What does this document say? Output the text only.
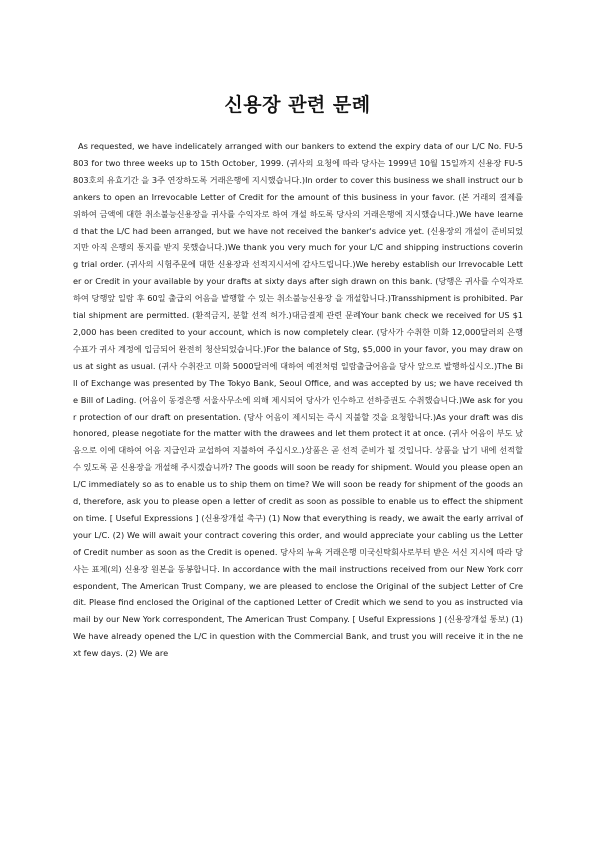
신용장 관련 문례

As requested, we have indelicately arranged with our bankers to extend the expiry data of our L/C No. FU-5803 for two three weeks up to 15th October, 1999. (귀사의 요청에 따라 당사는 1999년 10월 15일까지 신용장 FU-5803호의 유효기간 을 3주 연장하도록 거래은행에 지시했습니다.)In order to cover this business we shall instruct our bankers to open an Irrevocable Letter of Credit for the amount of this business in your favor. (본 거래의 결제를 위하여 금액에 대한 취소불능신용장을 귀사를 수익자로 하여 개설 하도록 당사의 거래은행에 지시했습니다.)We have learned that the L/C had been arranged, but we have not received the banker's advice yet. (신용장의 개설이 준비되었지만 아직 은행의 통지를 받지 못했습니다.)We thank you very much for your L/C and shipping instructions covering trial order. (귀사의 시험주문에 대한 신용장과 선적지시서에 감사드립니다.)We hereby establish our Irrevocable Letter or Credit in your available by your drafts at sixty days after sigh drawn on this bank. (당행은 귀사를 수익자로 하여 당행앞 일람 후 60일 출급의 어음을 발행할 수 있는 취소불능신용장 을 개설합니다.)Transshipment is prohibited. Partial shipment are permitted. (환적금지, 분할 선적 허가.)대금결제 관련 문례Your bank check we received for US $12,000 has been credited to your account, which is now completely clear. (당사가 수취한 미화 12,000달러의 은행수표가 귀사 계정에 입금되어 완전히 청산되었습니다.)For the balance of Stg, $5,000 in your favor, you may draw on us at sight as usual. (귀사 수취잔고 미화 5000달러에 대하여 예전처럼 일람출급어음을 당사 앞으로 발행하십시오.)The Bill of Exchange was presented by The Tokyo Bank, Seoul Office, and was accepted by us; we have received the Bill of Lading. (어음이 동경은행 서울사무소에 의해 제시되어 당사가 인수하고 선하증권도 수취했습니다.)We ask for your protection of our draft on presentation. (당사 어음이 제시되는 즉시 지불할 것을 요청합니다.)As your draft was dishonored, please negotiate for the matter with the drawees and let them protect it at once. (귀사 어음이 부도 났음으로 이에 대하여 어음 지급인과 교섭하여 지불하여 주십시오.)상품은 곧 선적 준비가 될 것입니다. 상품을 납기 내에 선적할 수 있도록 곧 신용장을 개설해 주시겠습니까? The goods will soon be ready for shipment. Would you please open an L/C immediately so as to enable us to ship them on time? We will soon be ready for shipment of the goods and, therefore, ask you to please open a letter of credit as soon as possible to enable us to effect the shipment on time. [ Useful Expressions ] (신용장개설 촉구) (1) Now that everything is ready, we await the early arrival of your L/C. (2) We will await your contract covering this order, and would appreciate your cabling us the Letter of Credit number as soon as the Credit is opened. 당사의 뉴욕 거래은행 미국신탁회사로부터 받은 서신 지시에 따라 당사는 표제(의) 신용장 원본을 동봉합니다. In accordance with the mail instructions received from our New York correspondent, The American Trust Company, we are pleased to enclose the Original of the subject Letter of Credit. Please find enclosed the Original of the captioned Letter of Credit which we send to you as instructed via mail by our New York correspondent, The American Trust Company. [ Useful Expressions ] (신용장개설 통보) (1) We have already opened the L/C in question with the Commercial Bank, and trust you will receive it in the next few days. (2) We are
